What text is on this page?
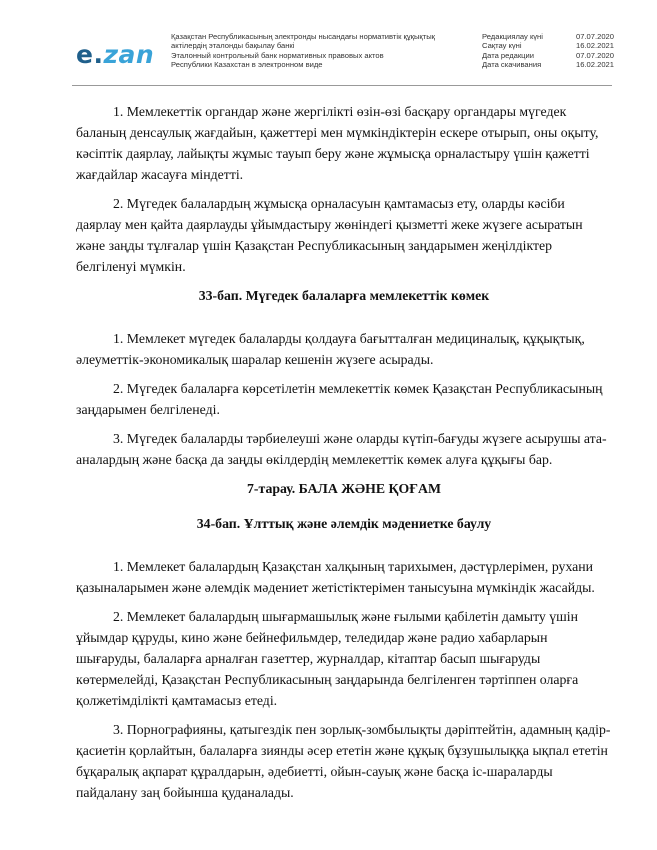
e.zan
Қазақстан Республикасының электронды нысандағы нормативтік құқықтық
актілердің эталонды бақылау банкі
Эталонный контрольный банк нормативных правовых актов
Республики Казахстан в электронном виде
Редакциялау күні	07.07.2020
Сақтау күні	16.02.2021
Дата редакции	07.07.2020
Дата скачивания	16.02.2021

1. Мемлекеттік органдар және жергілікті өзін-өзі басқару органдары мүгедек баланың денсаулық жағдайын, қажеттері мен мүмкіндіктерін ескере отырып, оны оқыту, кәсіптік даярлау, лайықты жұмыс тауып беру және жұмысқа орналастыру үшін қажетті жағдайлар жасауға міндетті.

2. Мүгедек балалардың жұмысқа орналасуын қамтамасыз ету, оларды кәсіби даярлау мен қайта даярлауды ұйымдастыру жөніндегі қызметті жеке жүзеге асыратын және заңды тұлғалар үшін Қазақстан Республикасының заңдарымен жеңілдіктер белгіленуі мүмкін.

33-бап. Мүгедек балаларға мемлекеттік көмек

1. Мемлекет мүгедек балаларды қолдауға бағытталған медициналық, құқықтық, әлеуметтік-экономикалық шаралар кешенін жүзеге асырады.

2. Мүгедек балаларға көрсетілетін мемлекеттік көмек Қазақстан Республикасының заңдарымен белгіленеді.

3. Мүгедек балаларды тәрбиелеуші және оларды күтіп-бағуды жүзеге асырушы ата-аналардың және басқа да заңды өкілдердің мемлекеттік көмек алуға құқығы бар.

7-тарау. БАЛА ЖӘНЕ ҚОҒАМ
34-бап. Ұлттық және әлемдік мәдениетке баулу

1. Мемлекет балалардың Қазақстан халқының тарихымен, дәстүрлерімен, рухани қазыналарымен және әлемдік мәдениет жетістіктерімен танысуына мүмкіндік жасайды.

2. Мемлекет балалардың шығармашылық және ғылыми қабілетін дамыту үшін ұйымдар құруды, кино және бейнефильмдер, теледидар және радио хабарларын шығаруды, балаларға арналған газеттер, журналдар, кітаптар басып шығаруды көтермелейді, Қазақстан Республикасының заңдарында белгіленген тәртіппен оларға қолжетімділікті қамтамасыз етеді.

3. Порнографияны, қатыгездік пен зорлық-зомбылықты дәріптейтін, адамның қадір-қасиетін қорлайтын, балаларға зиянды әсер ететін және құқық бұзушылыққа ықпал ететін бұқаралық ақпарат құралдарын, әдебиетті, ойын-сауық және басқа іс-шараларды пайдалану заң бойынша қуданалады.
